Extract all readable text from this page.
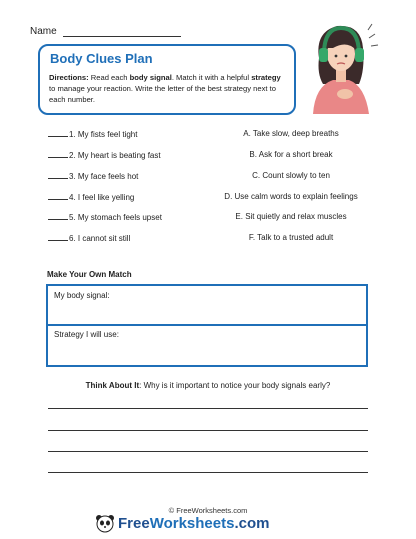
Name
Body Clues Plan
Directions: Read each body signal. Match it with a helpful strategy to manage your reaction. Write the letter of the best strategy next to each number.
1. My fists feel tight
2. My heart is beating fast
3. My face feels hot
4. I feel like yelling
5. My stomach feels upset
6. I cannot sit still
A. Take slow, deep breaths
B. Ask for a short break
C. Count slowly to ten
D. Use calm words to explain feelings
E. Sit quietly and relax muscles
F. Talk to a trusted adult
Make Your Own Match
My body signal:
Strategy I will use:
Think About It: Why is it important to notice your body signals early?
© FreeWorksheets.com
FreeWorksheets.com
